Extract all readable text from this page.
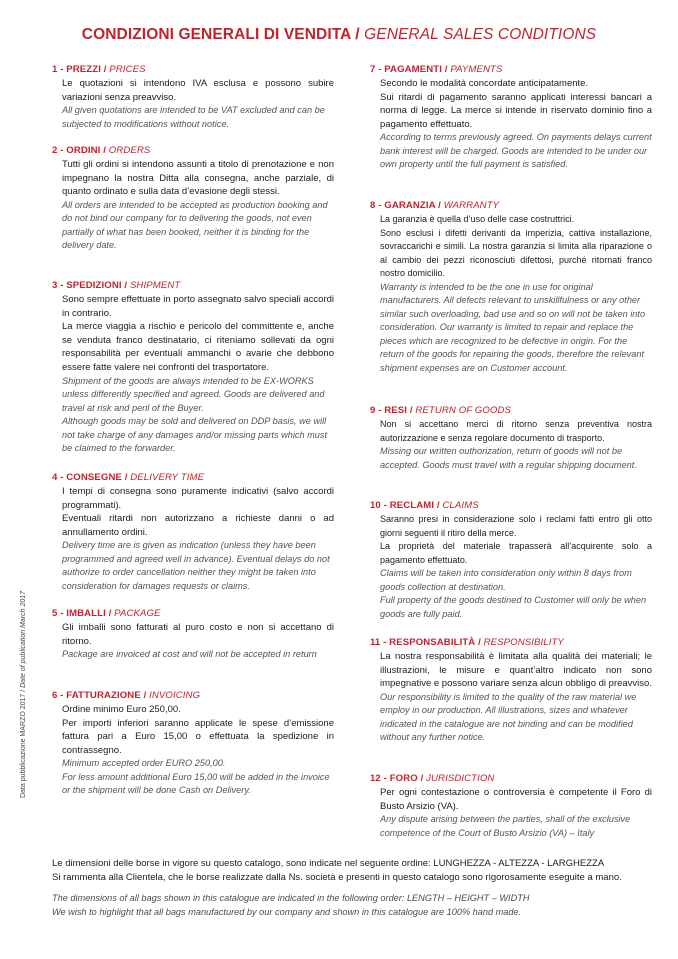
CONDIZIONI GENERALI DI VENDITA / GENERAL SALES CONDITIONS
1 - PREZZI / PRICES

Le quotazioni si intendono IVA esclusa e possono subire variazioni senza preavviso.

All given quotations are intended to be VAT excluded and can be subjected to modifications without notice.

2 - ORDINI / ORDERS

Tutti gli ordini si intendono assunti a titolo di prenotazione e non impegnano la nostra Ditta alla consegna, anche parziale, di quanto ordinato e sulla data d’evasione degli stessi.

All orders are intended to be accepted as production booking and do not bind our company for to delivering the goods, not even partially of what has been booked, neither it is binding for the delivery date.

3 - SPEDIZIONI / SHIPMENT

Sono sempre effettuate in porto assegnato salvo speciali accordi in contrario.

La merce viaggia a rischio e pericolo del committente e, anche se venduta franco destinatario, ci riteniamo sollevati da ogni responsabilità per eventuali ammanchi o avarie che debbono essere fatte valere nei confronti del trasportatore.

Shipment of the goods are always intended to be EX-WORKS unless differently specified and agreed. Goods are delivered and travel at risk and peril of the Buyer.

Although goods may be sold and delivered on DDP basis, we will not take charge of any damages and/or missing parts which must be claimed to the forwarder.

4 - CONSEGNE / DELIVERY TIME

I tempi di consegna sono puramente indicativi (salvo accordi programmati).

Eventuali ritardi non autorizzano a richieste danni o ad annullamento ordini.

Delivery time are is given as indication (unless they have been programmed and agreed well in advance). Eventual delays do not authorize to order cancellation neither they might be taken into consideration for damages requests or claims.

5 - IMBALLI / PACKAGE

Gli imballi sono fatturati al puro costo e non si accettano di ritorno.

Package are invoiced at cost and will not be accepted in return

6 - FATTURAZIONE / INVOICING

Ordine minimo Euro 250,00.

Per importi inferiori saranno applicate le spese d’emissione fattura pari a Euro 15,00 o effettuata la spedizione in contrassegno.

Minimum accepted order EURO 250,00.

For less amount additional Euro 15,00 will be added in the invoice or the shipment will be done Cash on Delivery.

7 - PAGAMENTI / PAYMENTS

Secondo le modalità concordate anticipatamente.

Sui ritardi di pagamento saranno applicati interessi bancari a norma di legge. La merce si intende in riservato dominio fino a pagamento effettuato.

According to terms previously agreed. On payments delays current bank interest will be charged. Goods are intended to be under our own property until the full payment is satisfied.

8 - GARANZIA / WARRANTY

La garanzia è quella d’uso delle case costruttrici.

Sono esclusi i difetti derivanti da imperizia, cattiva installazione, sovraccarichi e simili. La nostra garanzia si limita alla riparazione o al cambio dei pezzi riconosciuti difettosi, purché ritornati franco nostro domicilio.

Warranty is intended to be the one in use for original manufacturers. All defects relevant to unskillfulness or any other similar such overloading, bad use and so on will not be taken into consideration. Our warranty is limited to repair and replace the pieces which are recognized to be defective in origin. For the return of the goods for repairing the goods, therefore the relevant shipment expenses are on Customer account.

9 - RESI / RETURN OF GOODS

Non si accettano merci di ritorno senza preventiva nostra autorizzazione e senza regolare documento di trasporto.

Missing our written outhorization, return of goods will not be accepted. Goods must travel with a regular shipping document.

10 - RECLAMI / CLAIMS

Saranno presi in considerazione solo i reclami fatti entro gli otto giorni seguenti il ritiro della merce.

La proprietà del materiale trapasserà all’acquirente solo a pagamento effettuato.

Claims will be taken into consideration only within 8 days from goods collection at destination.

Full property of the goods destined to Customer will only be when goods are fully paid.

11 - RESPONSABILITÀ / RESPONSIBILITY

La nostra responsabilità è limitata alla qualità dei materiali; le illustrazioni, le misure e quant’altro indicato non sono impegnative e possono variare senza alcun obbligo di preavviso.

Our responsibility is limited to the quality of the raw material we employ in our production. All illustrations, sizes and whatever indicated in the catalogue are not binding and can be modified without any further notice.

12 - FORO / JURISDICTION

Per ogni contestazione o controversia è competente il Foro di Busto Arsizio (VA).

Any dispute arising between the parties, shall of the exclusive competence of the Court of Busto Arsizio (VA) – Italy

Le dimensioni delle borse in vigore su questo catalogo, sono indicate nel seguente ordine: LUNGHEZZA - ALTEZZA - LARGHEZZA

Si rammenta alla Clientela, che le borse realizzate dalla Ns. società e presenti in questo catalogo sono rigorosamente eseguite a mano.

The dimensions of all bags shown in this catalogue are indicated in the following order: LENGTH – HEIGHT – WIDTH

We wish to highlight that all bags manufactured by our company and shown in this catalogue are 100% hand made.

Data pubblicazione MARZO 2017 / Date of publication March 2017
